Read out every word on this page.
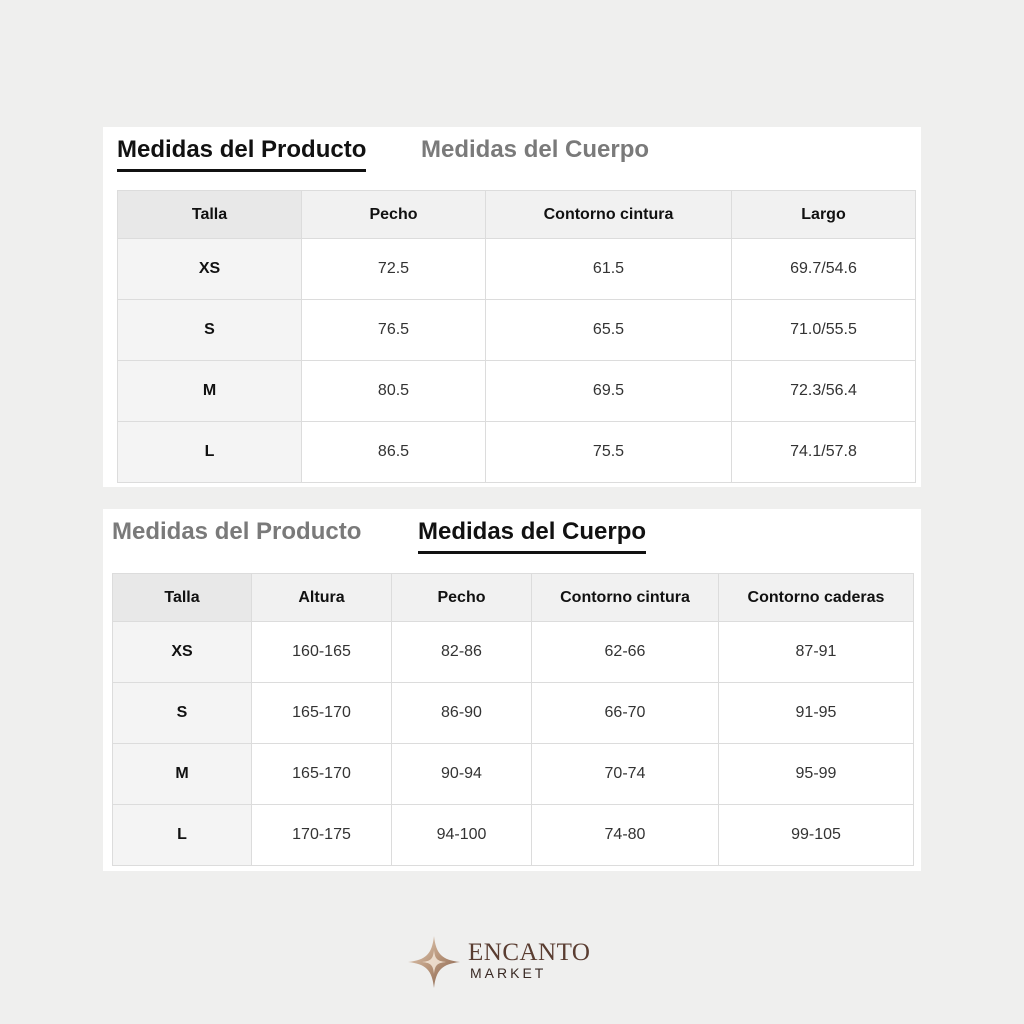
Medidas del Producto Medidas del Cuerpo
Talla	Pecho	Contorno cintura	Largo
XS	72.5	61.5	69.7/54.6
S	76.5	65.5	71.0/55.5
M	80.5	69.5	72.3/56.4
L	86.5	75.5	74.1/57.8
Medidas del Producto Medidas del Cuerpo
Talla	Altura	Pecho	Contorno cintura	Contorno caderas
XS	160-165	82-86	62-66	87-91
S	165-170	86-90	66-70	91-95
M	165-170	90-94	70-74	95-99
L	170-175	94-100	74-80	99-105
ENCANTO
MARKET
